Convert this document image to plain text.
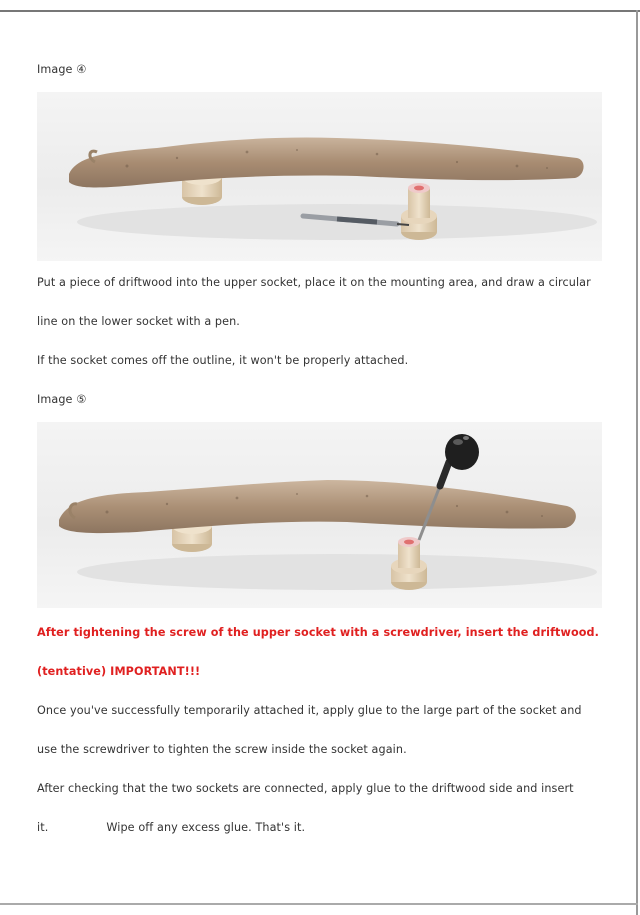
Image ④
Put a piece of driftwood into the upper socket, place it on the mounting area, and draw a circular
line on the lower socket with a pen.
If the socket comes off the outline, it won't be properly attached.
Image ⑤
After tightening the screw of the upper socket with a screwdriver, insert the driftwood.
(tentative) IMPORTANT!!!
Once you've successfully temporarily attached it, apply glue to the large part of the socket and
use the screwdriver to tighten the screw inside the socket again.
After checking that the two sockets are connected, apply glue to the driftwood side and insert
it.	Wipe off any excess glue. That's it.
